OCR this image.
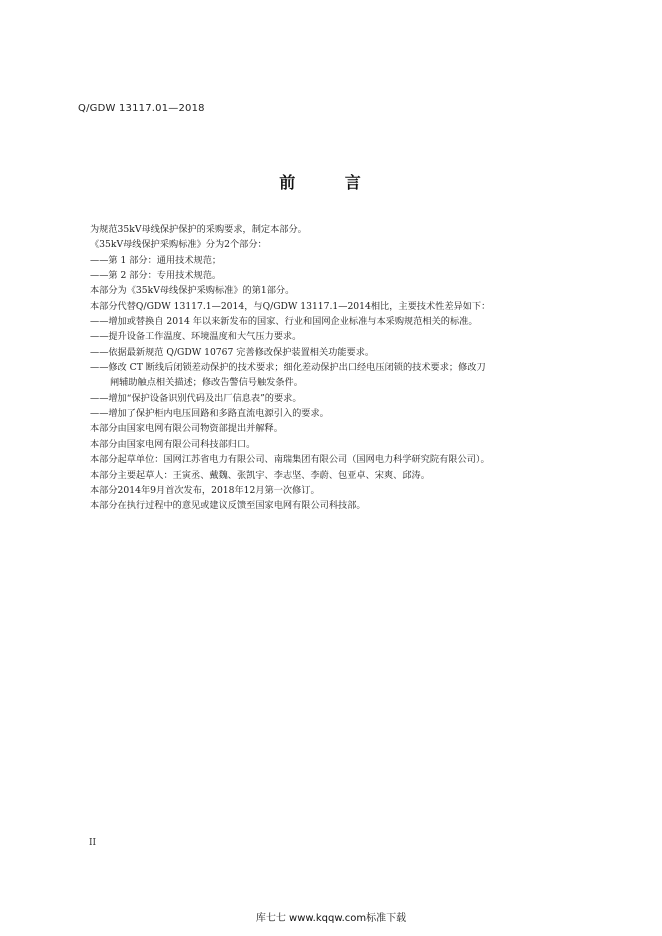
Q/GDW 13117.01—2018
前 言
为规范35kV母线保护保护的采购要求，制定本部分。
《35kV母线保护采购标准》分为2个部分：
——第 1 部分：通用技术规范；
——第 2 部分：专用技术规范。
本部分为《35kV母线保护采购标准》的第1部分。
本部分代替Q/GDW 13117.1—2014，与Q/GDW 13117.1—2014相比，主要技术性差异如下：
——增加或替换自 2014 年以来新发布的国家、行业和国网企业标准与本采购规范相关的标准。
——提升设备工作温度、环境温度和大气压力要求。
——依据最新规范 Q/GDW 10767 完善修改保护装置相关功能要求。
——修改 CT 断线后闭锁差动保护的技术要求；细化差动保护出口经电压闭锁的技术要求；修改刀
闸辅助触点相关描述；修改告警信号触发条件。
——增加“保护设备识别代码及出厂信息表”的要求。
——增加了保护柜内电压回路和多路直流电源引入的要求。
本部分由国家电网有限公司物资部提出并解释。
本部分由国家电网有限公司科技部归口。
本部分起草单位：国网江苏省电力有限公司、南瑞集团有限公司（国网电力科学研究院有限公司）。
本部分主要起草人：王寅丞、戴魏、张凯宇、李志坚、李蔚、包亚卓、宋爽、邱涛。
本部分2014年9月首次发布，2018年12月第一次修订。
本部分在执行过程中的意见或建议反馈至国家电网有限公司科技部。
II
库七七 www.kqqw.com标准下载
